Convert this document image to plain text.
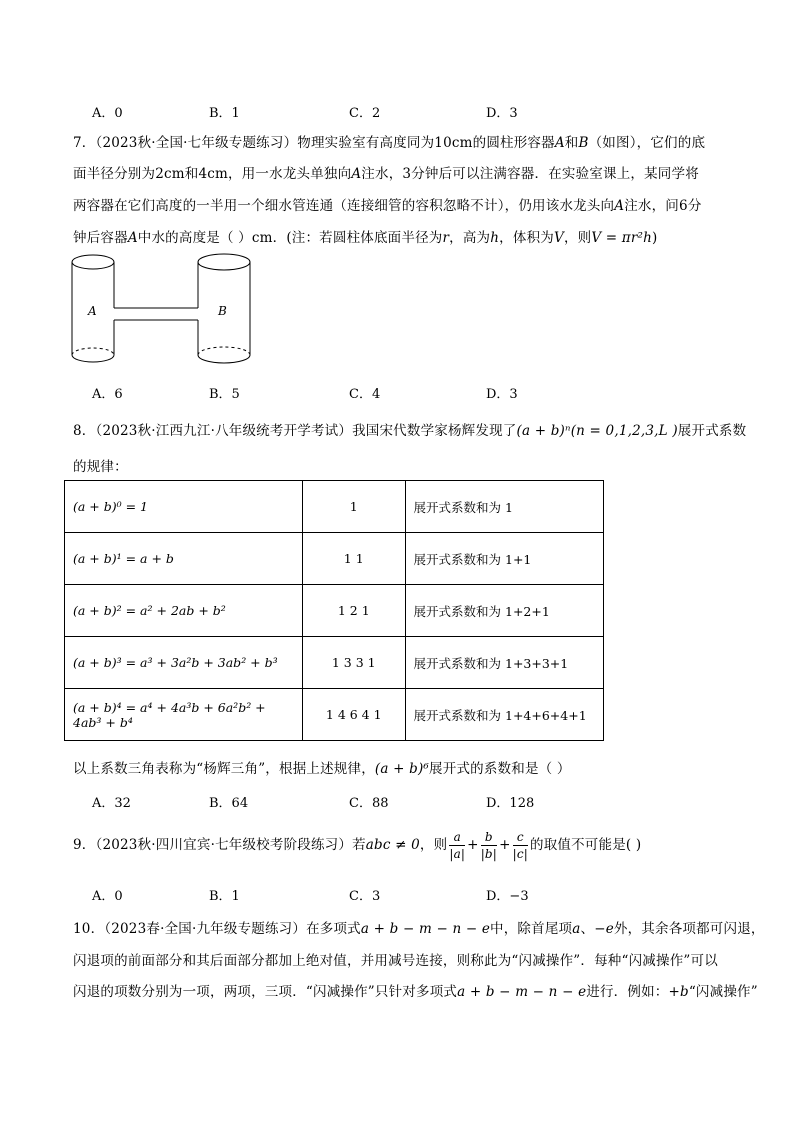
A．0	B．1	C．2	D．3
7．（2023秋·全国·七年级专题练习）物理实验室有高度同为10cm的圆柱形容器A和B（如图），它们的底
面半径分别为2cm和4cm，用一水龙头单独向A注水，3分钟后可以注满容器．在实验室课上，某同学将
两容器在它们高度的一半用一个细水管连通（连接细管的容积忽略不计），仍用该水龙头向A注水，问6分
钟后容器A中水的高度是（ ）cm．(注：若圆柱体底面半径为r，高为h，体积为V，则V = πr²h)
A	B
A．6	B．5	C．4	D．3
8．（2023秋·江西九江·八年级统考开学考试）我国宋代数学家杨辉发现了(a + b)ⁿ(n = 0,1,2,3,L )展开式系数
的规律：
(a + b)⁰ = 1	1	展开式系数和为 1
(a + b)¹ = a + b	1 1	展开式系数和为 1+1
(a + b)² = a² + 2ab + b²	1 2 1	展开式系数和为 1+2+1
(a + b)³ = a³ + 3a²b + 3ab² + b³	1 3 3 1	展开式系数和为 1+3+3+1
(a + b)⁴ = a⁴ + 4a³b + 6a²b² + 4ab³ + b⁴	1 4 6 4 1	展开式系数和为 1+4+6+4+1
以上系数三角表称为“杨辉三角”，根据上述规律，(a + b)⁶展开式的系数和是（ ）
A．32	B．64	C．88	D．128
9．（2023秋·四川宜宾·七年级校考阶段练习）若abc ≠ 0，则 $\frac{a}{|a|} + \frac{b}{|b|} + \frac{c}{|c|}$ 的取值不可能是( )
A．0	B．1	C．3	D．−3
10．（2023春·全国·九年级专题练习）在多项式a + b − m − n − e中，除首尾项a、−e外，其余各项都可闪退，
闪退项的前面部分和其后面部分都加上绝对值，并用减号连接，则称此为“闪减操作”．每种“闪减操作”可以
闪退的项数分别为一项，两项，三项．“闪减操作”只针对多项式a + b − m − n − e进行．例如：+b“闪减操作”
